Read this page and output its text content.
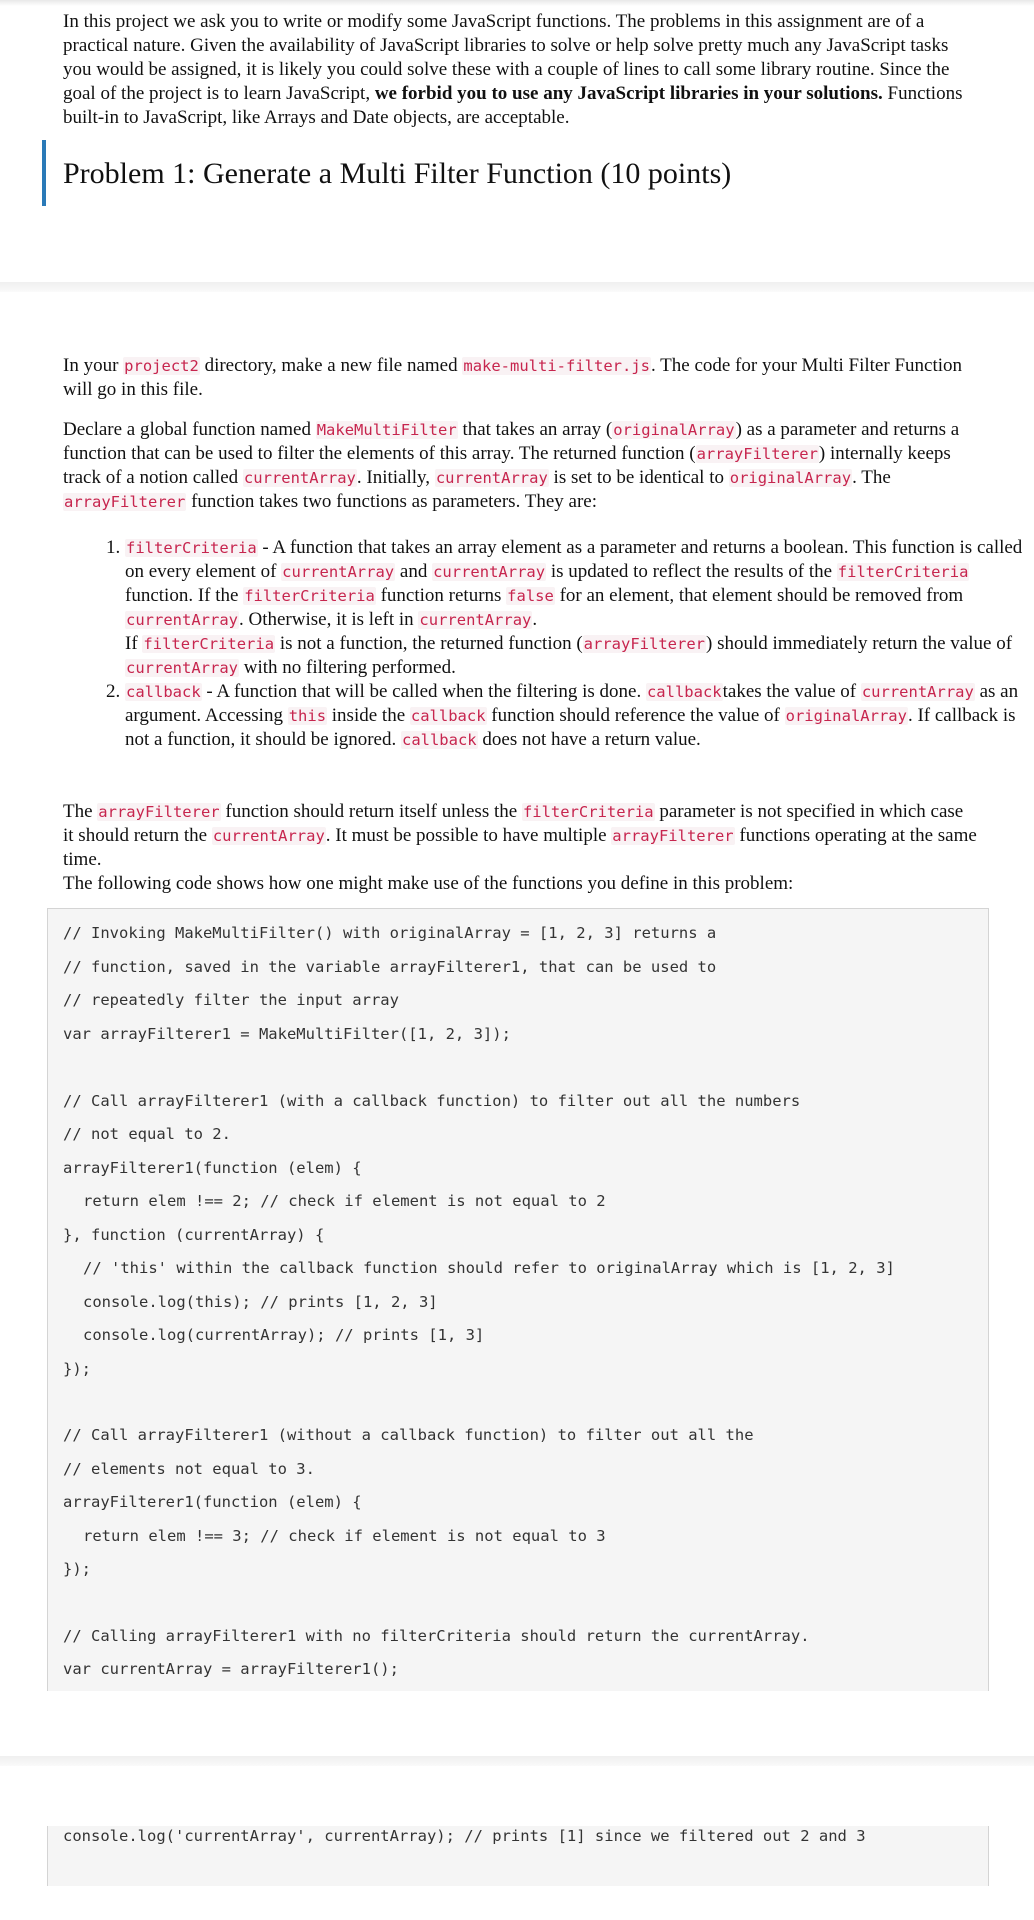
In this project we ask you to write or modify some JavaScript functions. The problems in this assignment are of a practical nature. Given the availability of JavaScript libraries to solve or help solve pretty much any JavaScript tasks you would be assigned, it is likely you could solve these with a couple of lines to call some library routine. Since the goal of the project is to learn JavaScript, we forbid you to use any JavaScript libraries in your solutions. Functions built-in to JavaScript, like Arrays and Date objects, are acceptable.

Problem 1: Generate a Multi Filter Function (10 points)

In your project2 directory, make a new file named make-multi-filter.js. The code for your Multi Filter Function will go in this file.

Declare a global function named MakeMultiFilter that takes an array (originalArray) as a parameter and returns a function that can be used to filter the elements of this array. The returned function (arrayFilterer) internally keeps track of a notion called currentArray. Initially, currentArray is set to be identical to originalArray. The arrayFilterer function takes two functions as parameters. They are:

1. filterCriteria - A function that takes an array element as a parameter and returns a boolean. This function is called on every element of currentArray and currentArray is updated to reflect the results of the filterCriteria function. If the filterCriteria function returns false for an element, that element should be removed from currentArray. Otherwise, it is left in currentArray.
If filterCriteria is not a function, the returned function (arrayFilterer) should immediately return the value of currentArray with no filtering performed.
2. callback - A function that will be called when the filtering is done. callbacktakes the value of currentArray as an argument. Accessing this inside the callback function should reference the value of originalArray. If callback is not a function, it should be ignored. callback does not have a return value.

The arrayFilterer function should return itself unless the filterCriteria parameter is not specified in which case it should return the currentArray. It must be possible to have multiple arrayFilterer functions operating at the same time.
The following code shows how one might make use of the functions you define in this problem:

// Invoking MakeMultiFilter() with originalArray = [1, 2, 3] returns a
// function, saved in the variable arrayFilterer1, that can be used to
// repeatedly filter the input array
var arrayFilterer1 = MakeMultiFilter([1, 2, 3]);
// Call arrayFilterer1 (with a callback function) to filter out all the numbers
// not equal to 2.
arrayFilterer1(function (elem) {
return elem !== 2; // check if element is not equal to 2
}, function (currentArray) {
// 'this' within the callback function should refer to originalArray which is [1, 2, 3]
console.log(this); // prints [1, 2, 3]
console.log(currentArray); // prints [1, 3]
});
// Call arrayFilterer1 (without a callback function) to filter out all the
// elements not equal to 3.
arrayFilterer1(function (elem) {
return elem !== 3; // check if element is not equal to 3
});
// Calling arrayFilterer1 with no filterCriteria should return the currentArray.
var currentArray = arrayFilterer1();
console.log('currentArray', currentArray); // prints [1] since we filtered out 2 and 3
